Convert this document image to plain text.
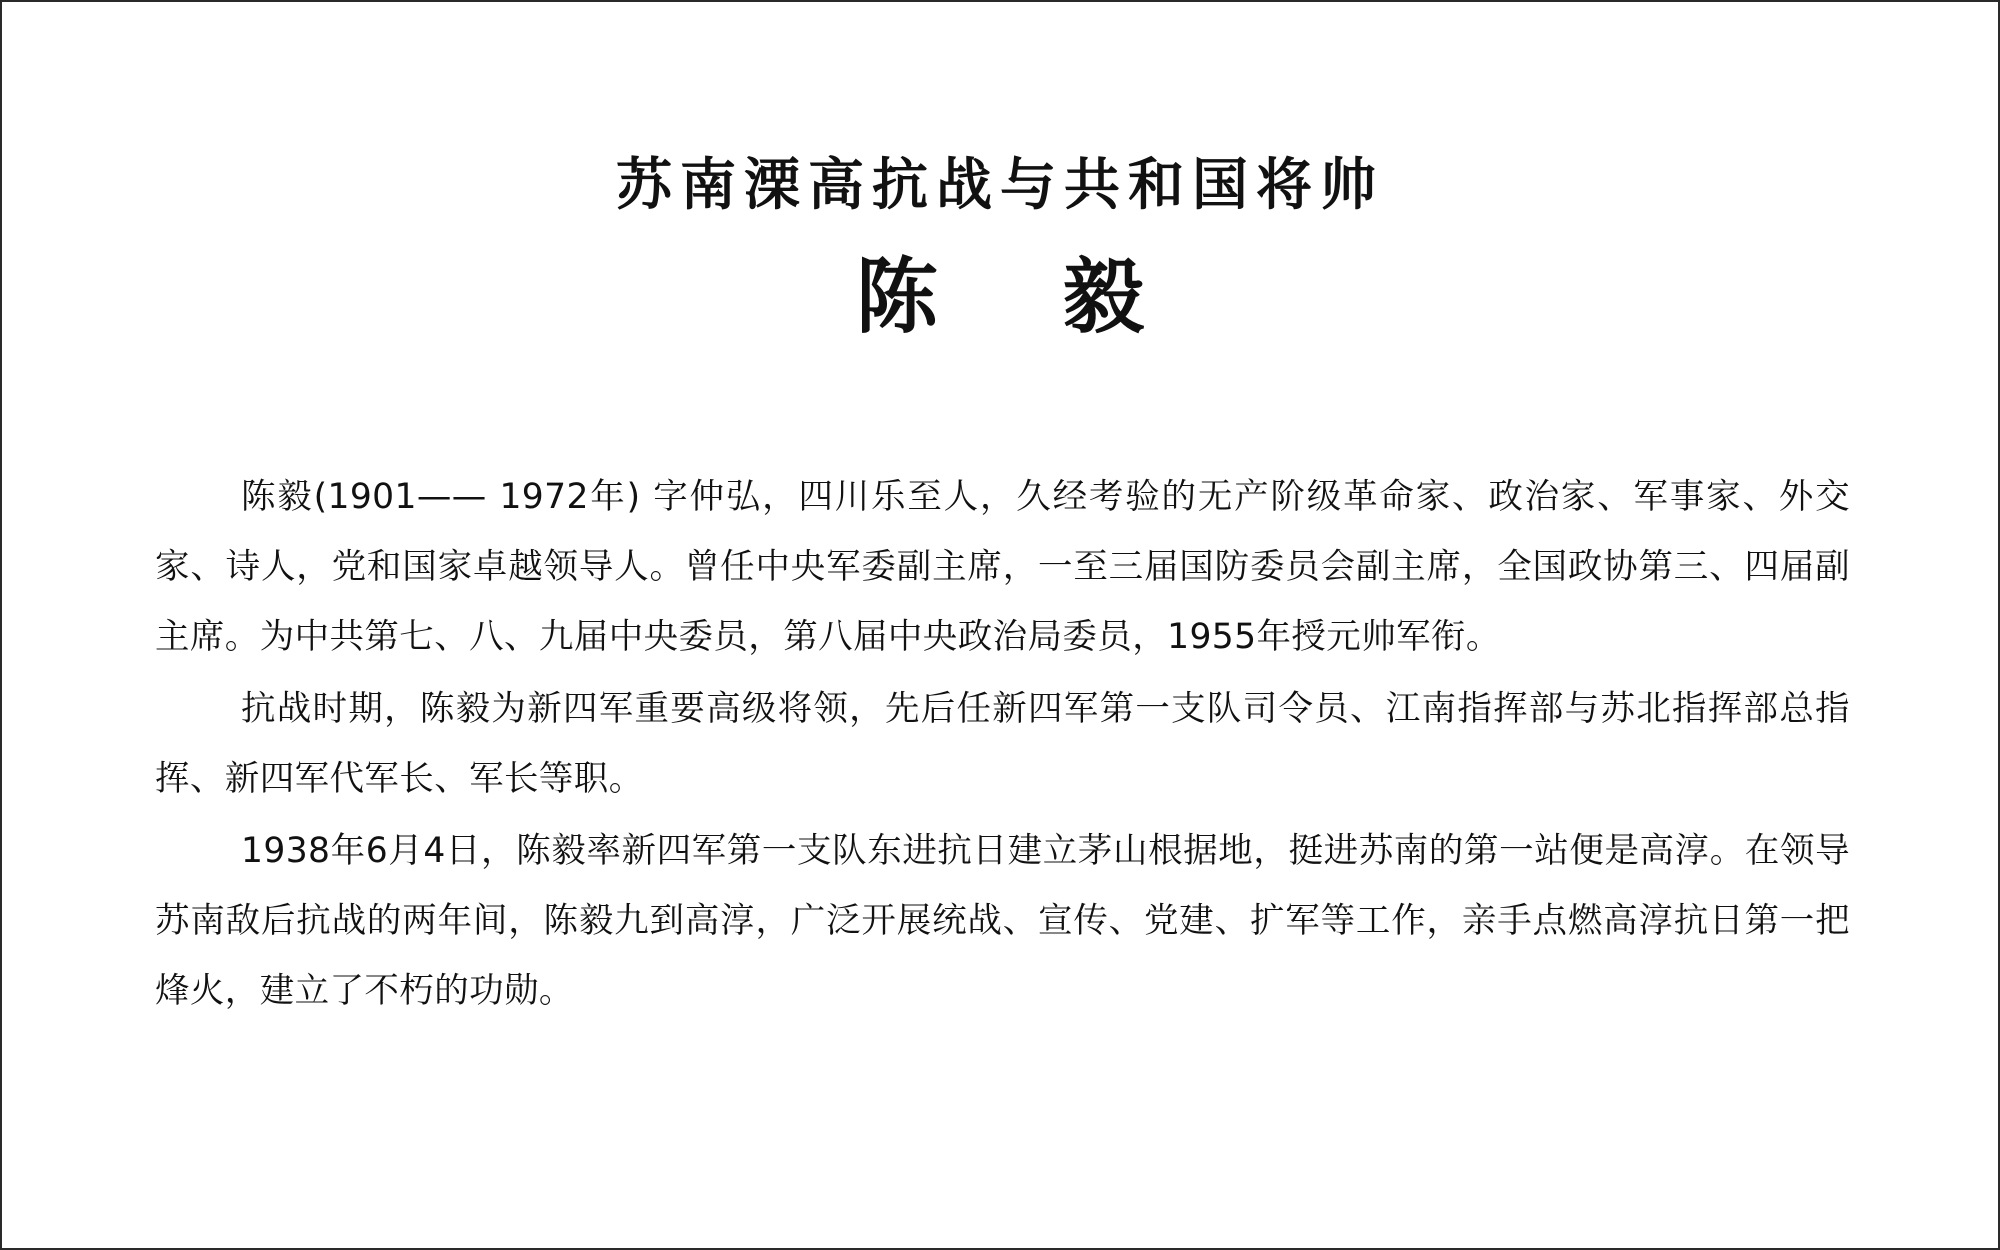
苏南溧高抗战与共和国将帅
陈 毅

陈毅(1901—— 1972年) 字仲弘，四川乐至人，久经考验的无产阶级革命家、政治家、军事家、外交家、诗人，党和国家卓越领导人。曾任中央军委副主席，一至三届国防委员会副主席，全国政协第三、四届副主席。为中共第七、八、九届中央委员，第八届中央政治局委员，1955年授元帅军衔。

抗战时期，陈毅为新四军重要高级将领，先后任新四军第一支队司令员、江南指挥部与苏北指挥部总指挥、新四军代军长、军长等职。

1938年6月4日，陈毅率新四军第一支队东进抗日建立茅山根据地，挺进苏南的第一站便是高淳。在领导苏南敌后抗战的两年间，陈毅九到高淳，广泛开展统战、宣传、党建、扩军等工作，亲手点燃高淳抗日第一把烽火，建立了不朽的功勋。
